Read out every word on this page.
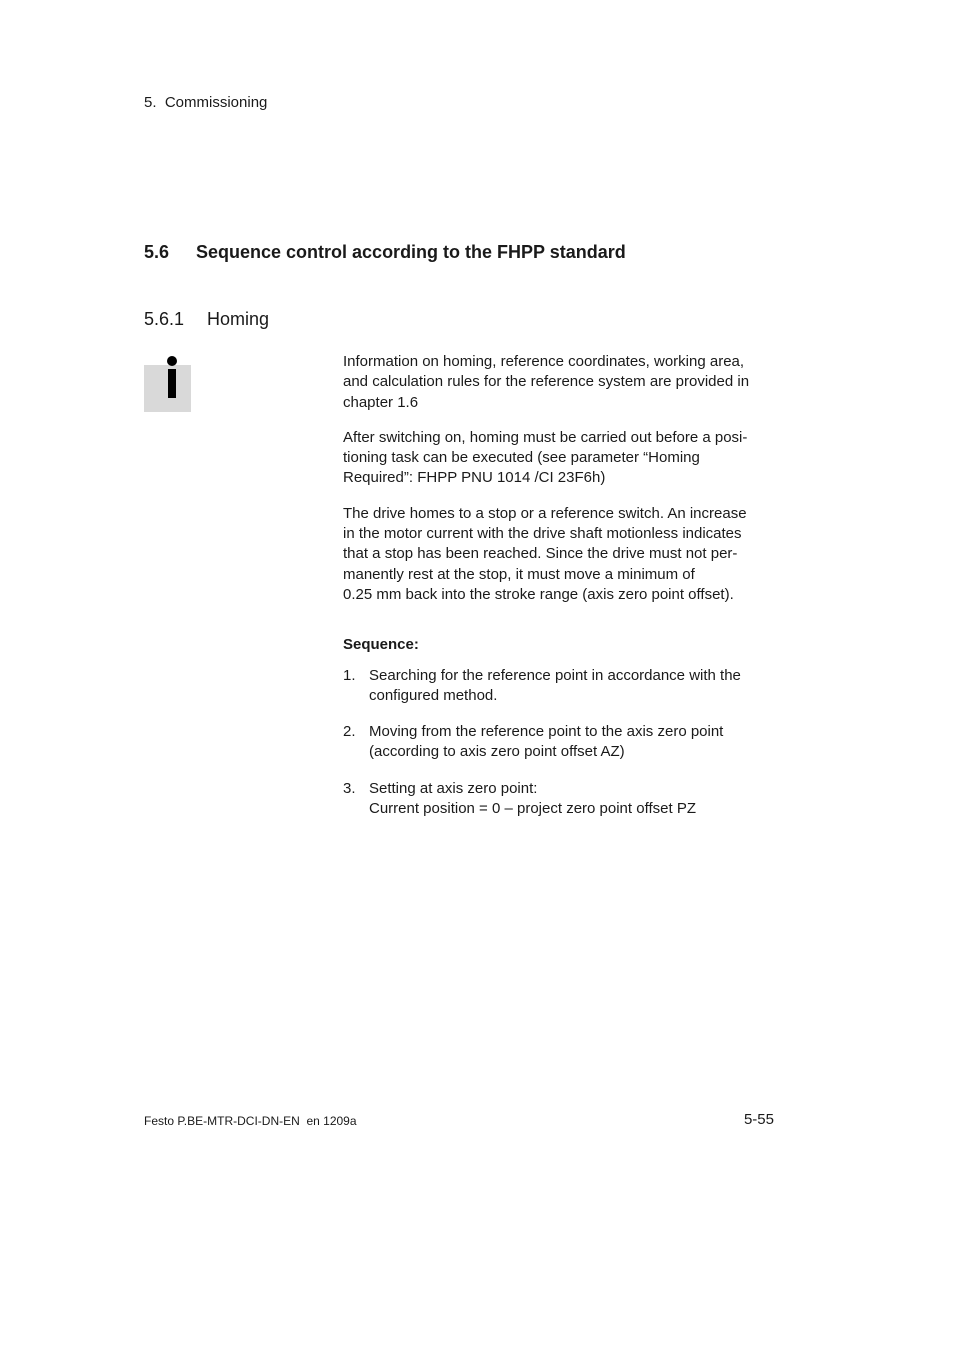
5.  Commissioning
5.6 Sequence control according to the FHPP standard
5.6.1 Homing

Information on homing, reference coordinates, working area,
and calculation rules for the reference system are provided in
chapter 1.6

After switching on, homing must be carried out before a posi-
tioning task can be executed (see parameter “Homing
Required”: FHPP PNU 1014 /CI 23F6h)

The drive homes to a stop or a reference switch. An increase
in the motor current with the drive shaft motionless indicates
that a stop has been reached. Since the drive must not per-
manently rest at the stop, it must move a minimum of
0.25 mm back into the stroke range (axis zero point offset).

Sequence:
1. Searching for the reference point in accordance with the
configured method.
2. Moving from the reference point to the axis zero point
(according to axis zero point offset AZ)
3. Setting at axis zero point:
Current position = 0 – project zero point offset PZ
Festo P.BE-MTR-DCI-DN-EN  en 1209a	5-55
